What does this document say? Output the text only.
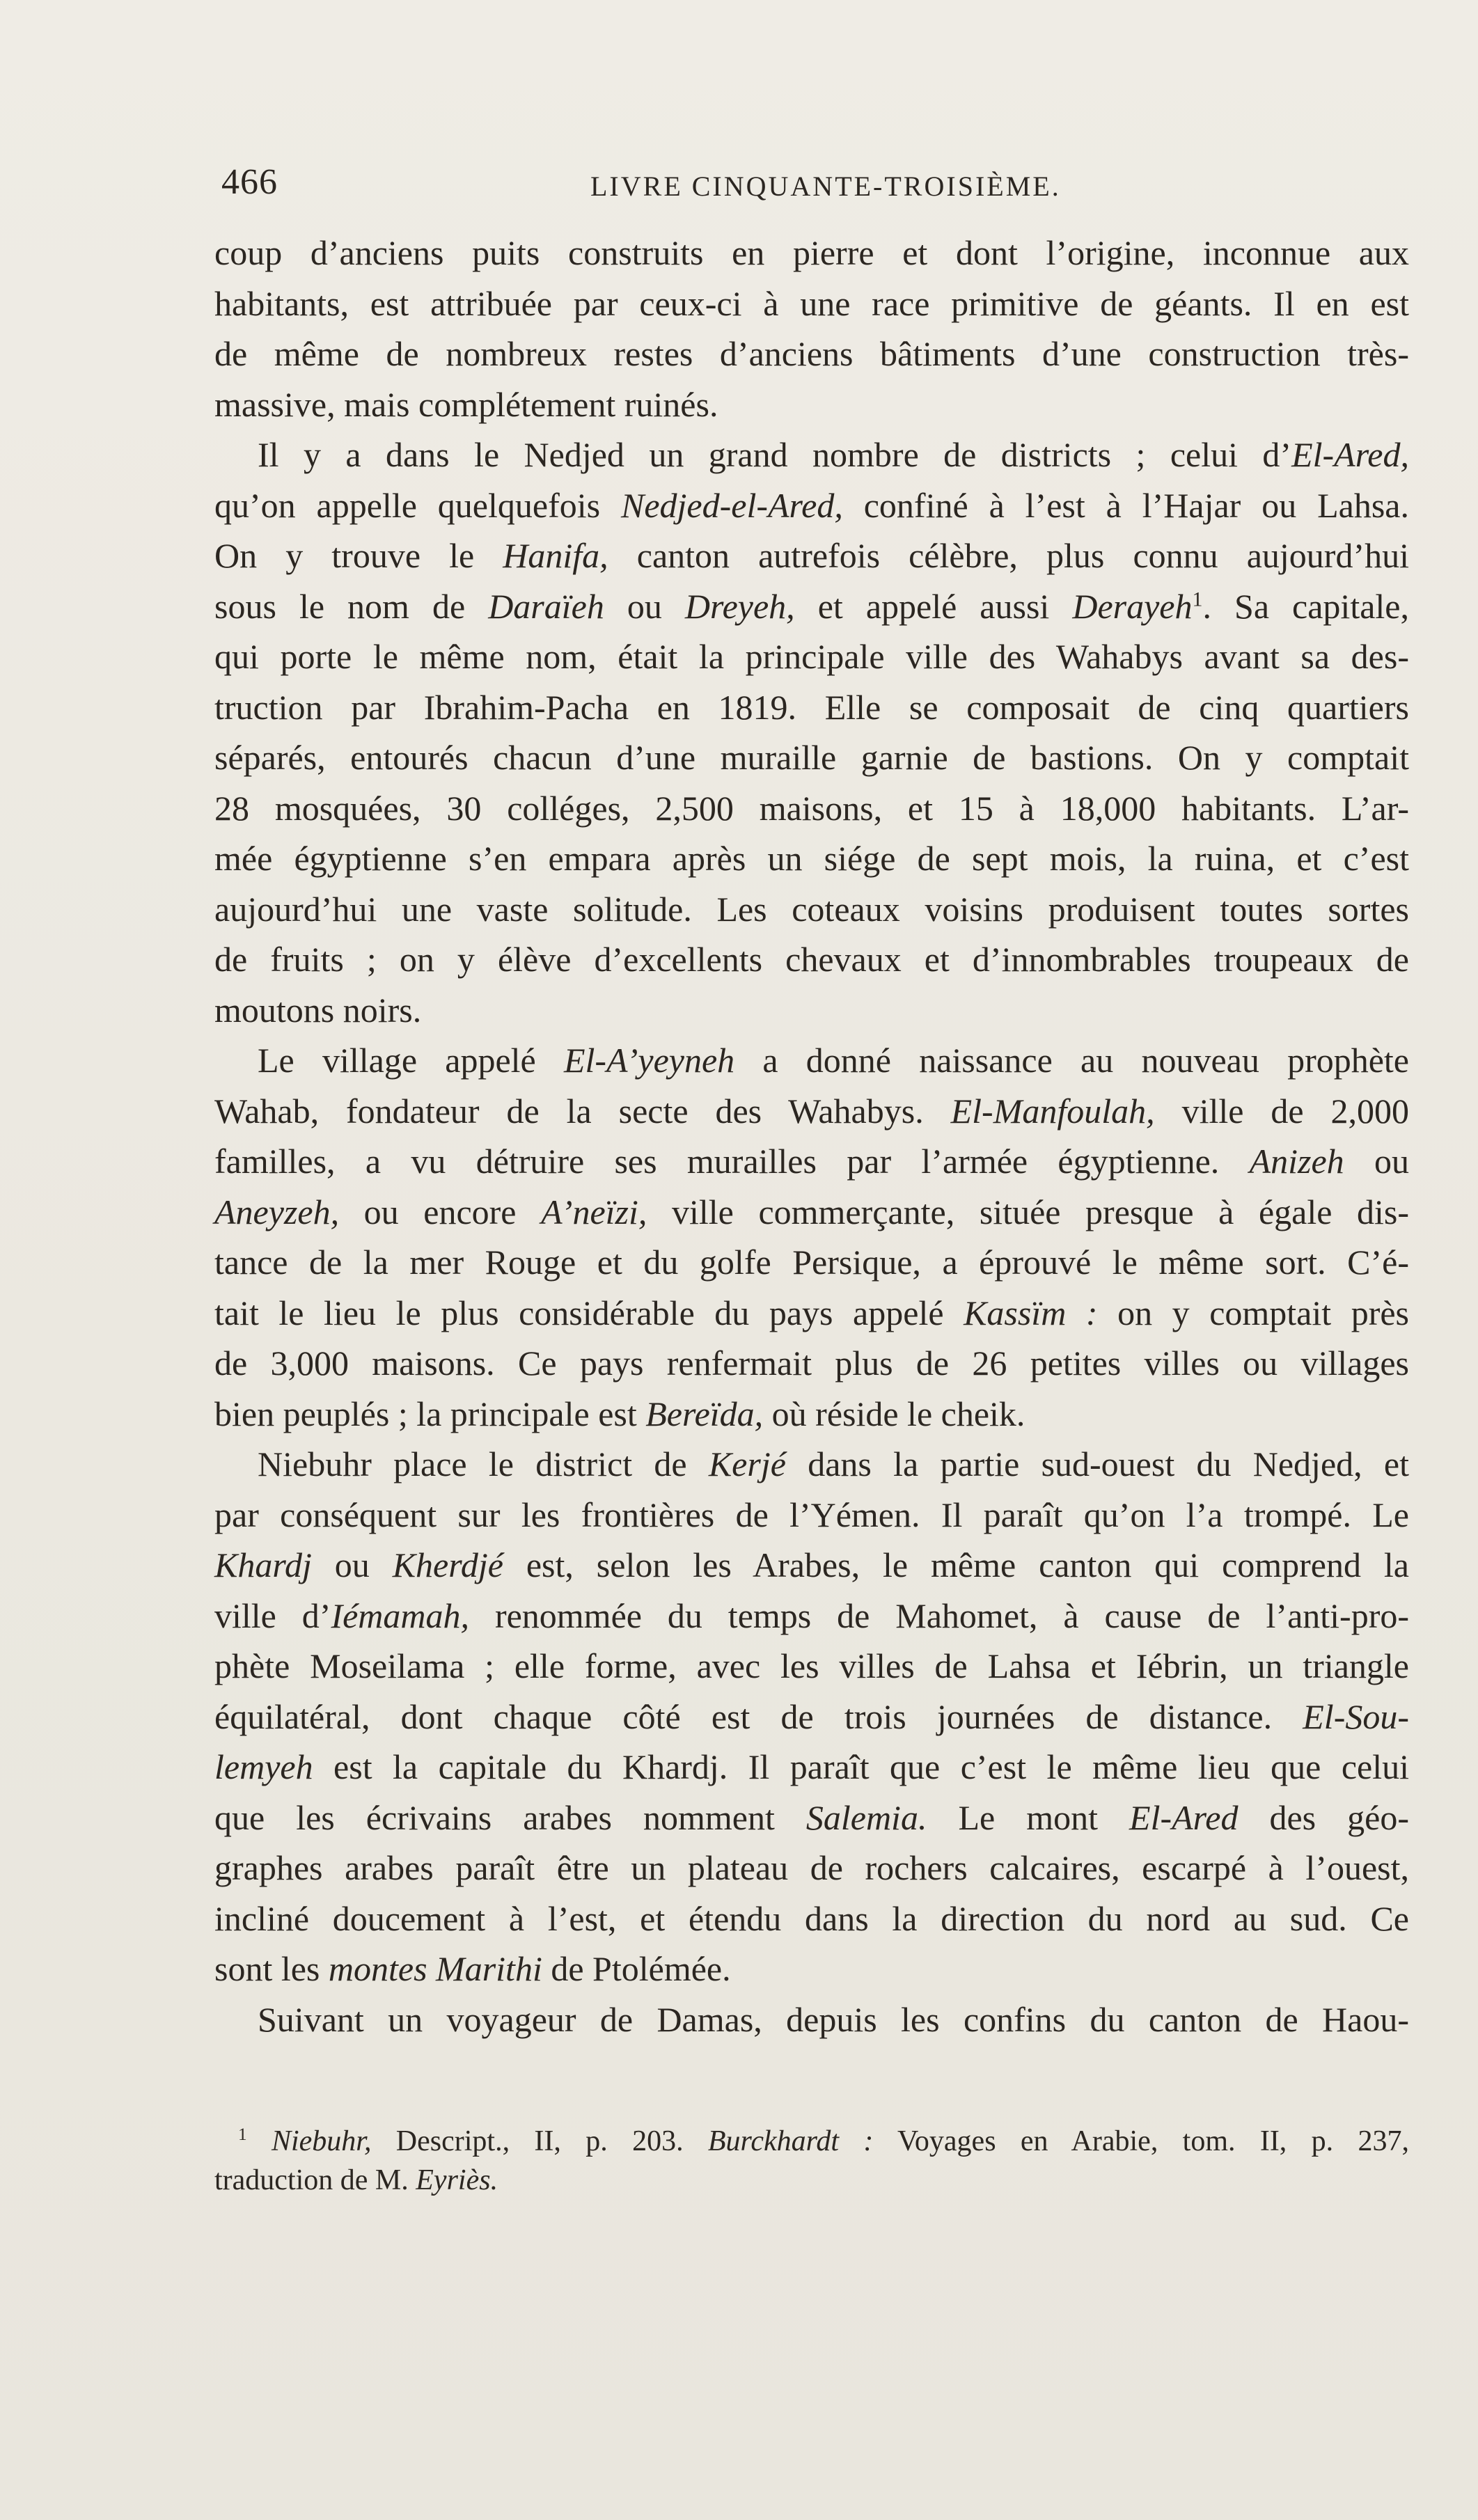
466	LIVRE CINQUANTE-TROISIÈME.
coup d’anciens puits construits en pierre et dont l’origine, inconnue aux
habitants, est attribuée par ceux-ci à une race primitive de géants. Il en est
de même de nombreux restes d’anciens bâtiments d’une construction très-
massive, mais complétement ruinés.
Il y a dans le Nedjed un grand nombre de districts ; celui d’El-Ared,
qu’on appelle quelquefois Nedjed-el-Ared, confiné à l’est à l’Hajar ou Lahsa.
On y trouve le Hanifa, canton autrefois célèbre, plus connu aujourd’hui
sous le nom de Daraïeh ou Dreyeh, et appelé aussi Derayeh$^1$. Sa capitale,
qui porte le même nom, était la principale ville des Wahabys avant sa des-
truction par Ibrahim-Pacha en 1819. Elle se composait de cinq quartiers
séparés, entourés chacun d’une muraille garnie de bastions. On y comptait
28 mosquées, 30 colléges, 2,500 maisons, et 15 à 18,000 habitants. L’ar-
mée égyptienne s’en empara après un siége de sept mois, la ruina, et c’est
aujourd’hui une vaste solitude. Les coteaux voisins produisent toutes sortes
de fruits ; on y élève d’excellents chevaux et d’innombrables troupeaux de
moutons noirs.
Le village appelé El-A’yeyneh a donné naissance au nouveau prophète
Wahab, fondateur de la secte des Wahabys. El-Manfoulah, ville de 2,000
familles, a vu détruire ses murailles par l’armée égyptienne. Anizeh ou
Aneyzeh, ou encore A’neïzi, ville commerçante, située presque à égale dis-
tance de la mer Rouge et du golfe Persique, a éprouvé le même sort. C’é-
tait le lieu le plus considérable du pays appelé Kassïm : on y comptait près
de 3,000 maisons. Ce pays renfermait plus de 26 petites villes ou villages
bien peuplés ; la principale est Bereïda, où réside le cheik.
Niebuhr place le district de Kerjé dans la partie sud-ouest du Nedjed, et
par conséquent sur les frontières de l’Yémen. Il paraît qu’on l’a trompé. Le
Khardj ou Kherdjé est, selon les Arabes, le même canton qui comprend la
ville d’Iémamah, renommée du temps de Mahomet, à cause de l’anti-pro-
phète Moseilama ; elle forme, avec les villes de Lahsa et Iébrin, un triangle
équilatéral, dont chaque côté est de trois journées de distance. El-Sou-
lemyeh est la capitale du Khardj. Il paraît que c’est le même lieu que celui
que les écrivains arabes nomment Salemia. Le mont El-Ared des géo-
graphes arabes paraît être un plateau de rochers calcaires, escarpé à l’ouest,
incliné doucement à l’est, et étendu dans la direction du nord au sud. Ce
sont les montes Marithi de Ptolémée.
Suivant un voyageur de Damas, depuis les confins du canton de Haou-
$^1$ Niebuhr, Descript., II, p. 203. Burckhardt : Voyages en Arabie, tom. II, p. 237,
traduction de M. Eyriès.
